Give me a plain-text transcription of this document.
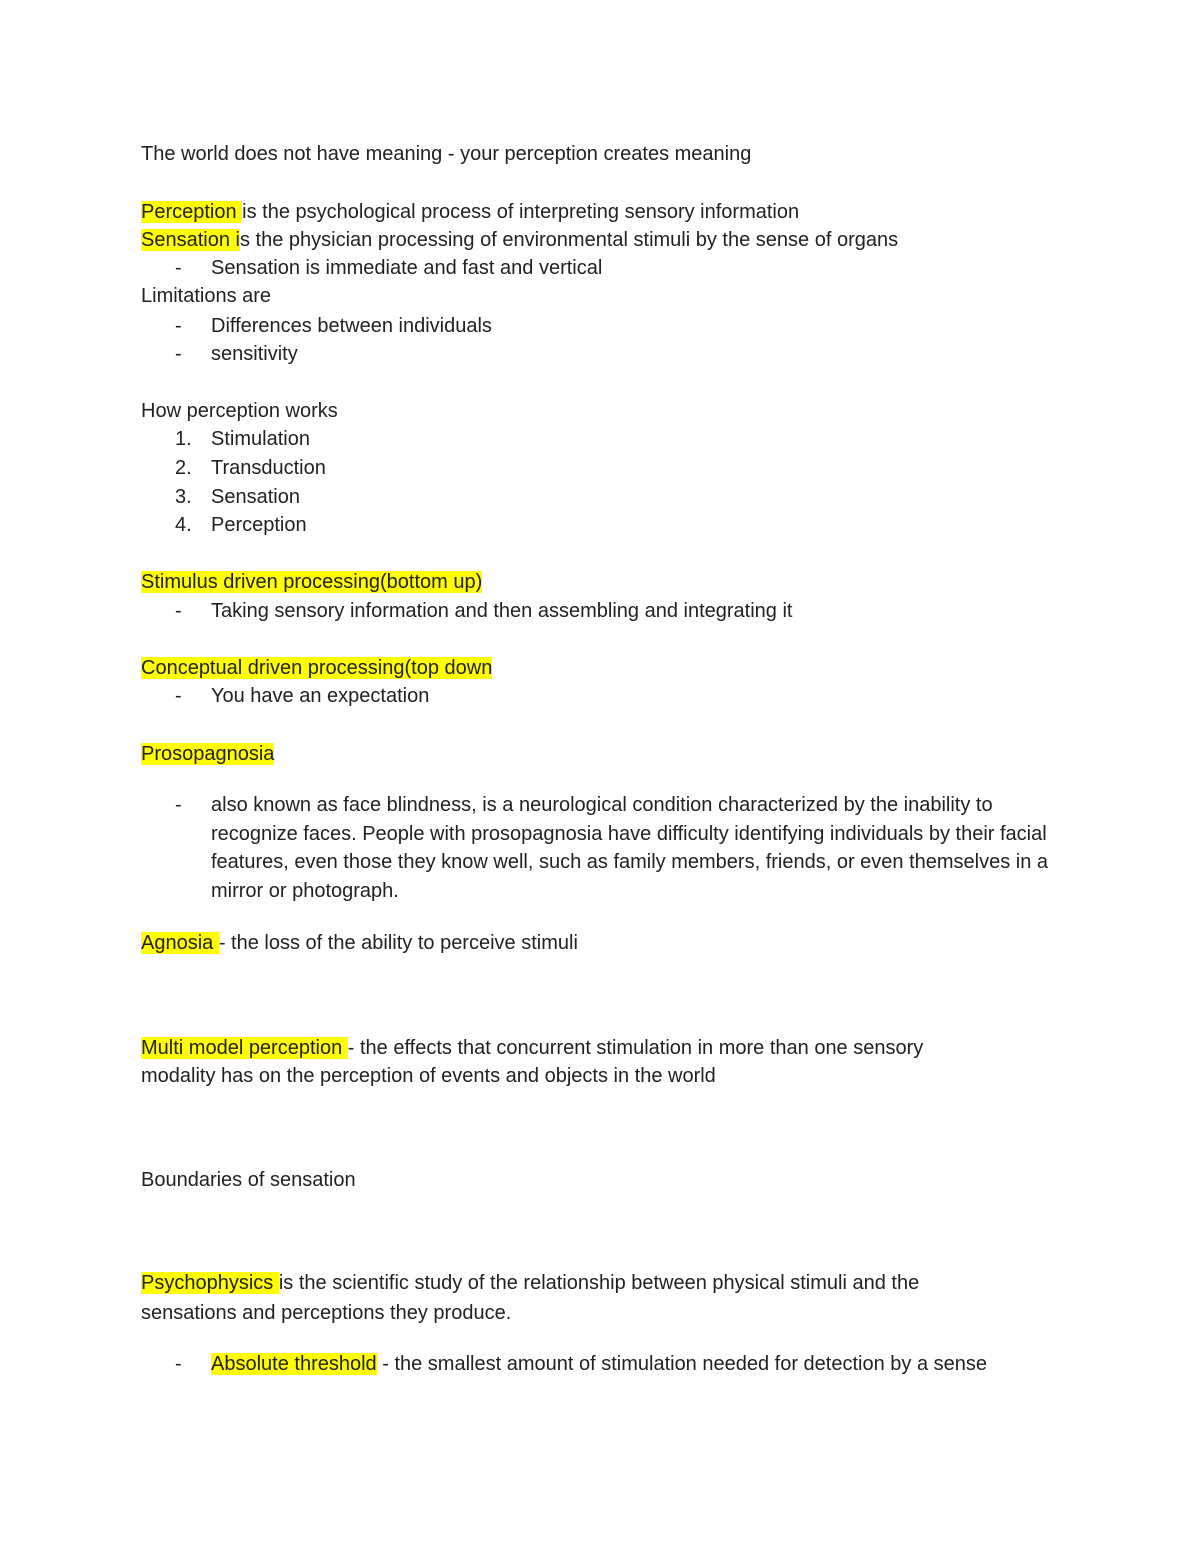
The world does not have meaning - your perception creates meaning
Perception is the psychological process of interpreting sensory information
Sensation is the physician processing of environmental stimuli by the sense of organs
- Sensation is immediate and fast and vertical
Limitations are
- Differences between individuals
- sensitivity
How perception works
1. Stimulation
2. Transduction
3. Sensation
4. Perception
Stimulus driven processing(bottom up)
- Taking sensory information and then assembling and integrating it
Conceptual driven processing(top down
- You have an expectation
Prosopagnosia
-	also known as face blindness, is a neurological condition characterized by the inability to recognize faces. People with prosopagnosia have difficulty identifying individuals by their facial features, even those they know well, such as family members, friends, or even themselves in a mirror or photograph.
Agnosia - the loss of the ability to perceive stimuli
Multi model perception - the effects that concurrent stimulation in more than one sensory
modality has on the perception of events and objects in the world
Boundaries of sensation
Psychophysics is the scientific study of the relationship between physical stimuli and the
sensations and perceptions they produce.
- Absolute threshold - the smallest amount of stimulation needed for detection by a sense
